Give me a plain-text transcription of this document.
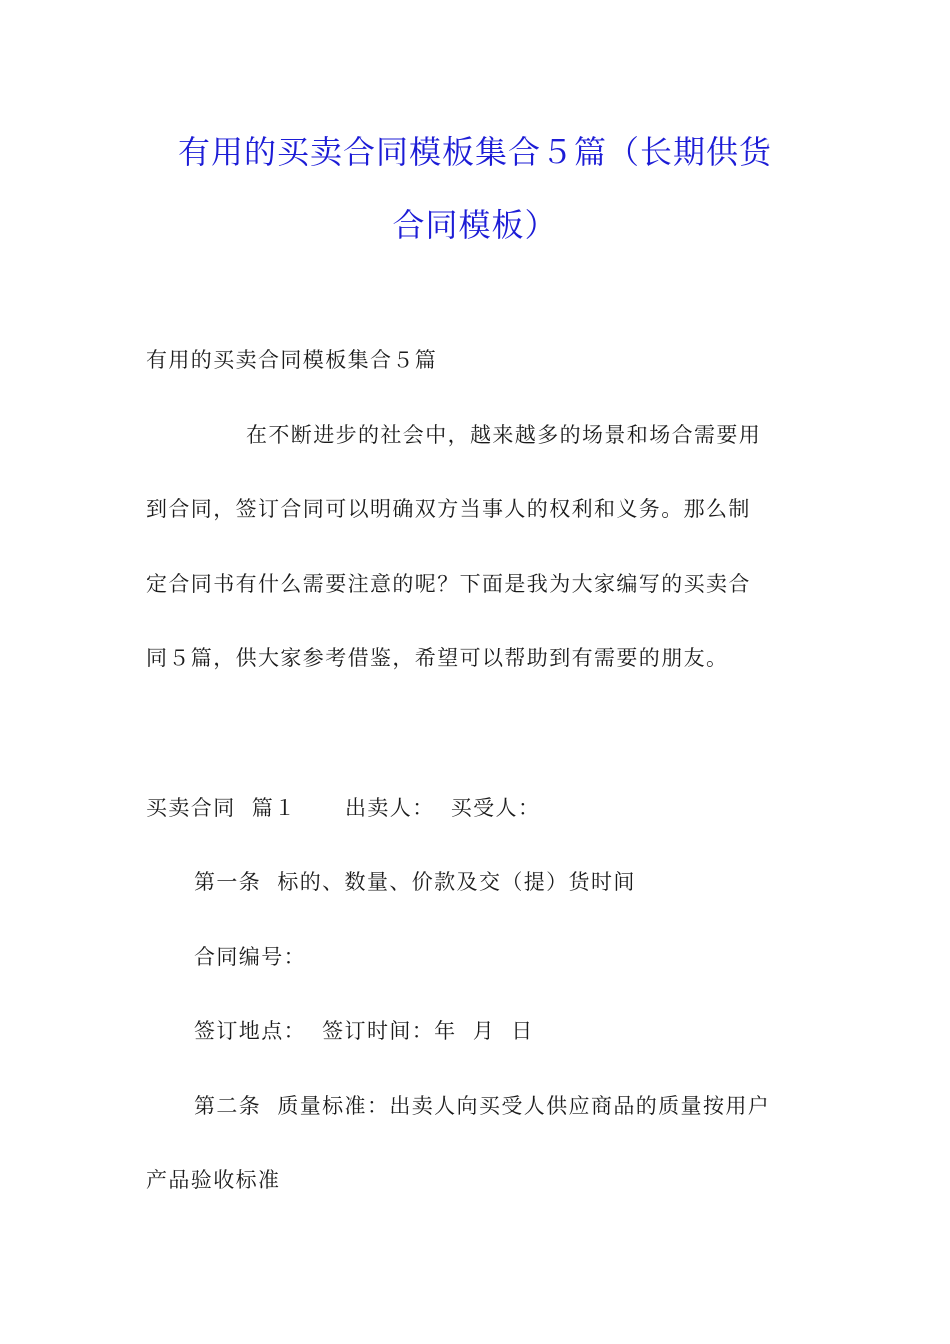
有用的买卖合同模板集合５篇（长期供货
合同模板）
有用的买卖合同模板集合５篇
在不断进步的社会中，越来越多的场景和场合需要用
到合同，签订合同可以明确双方当事人的权利和义务。那么制
定合同书有什么需要注意的呢？下面是我为大家编写的买卖合
同５篇，供大家参考借鉴，希望可以帮助到有需要的朋友。
买卖合同  篇１      出卖人：  买受人：
第一条  标的、数量、价款及交（提）货时间
合同编号：
签订地点：  签订时间：年  月  日
第二条  质量标准：出卖人向买受人供应商品的质量按用户
产品验收标准
